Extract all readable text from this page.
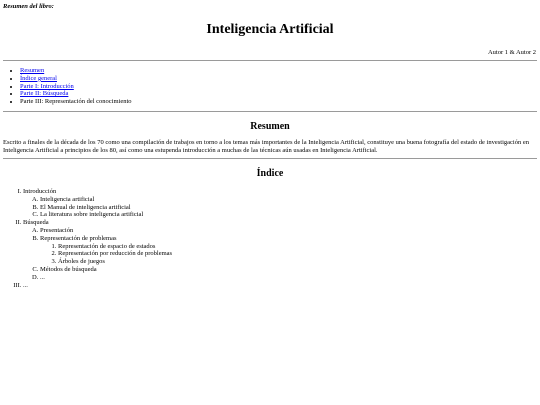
Resumen del libro:

Inteligencia Artificial
Autor 1 & Autor 2
• Resumen
• Índice general
• Parte I: Introducción
• Parte II: Búsqueda
• Parte III: Representación del conocimiento
Resumen

Escrito a finales de la década de los 70 como una compilación de trabajos en torno a los temas más importantes de la Inteligencia Artificial, constituye una buena fotografía del estado de investigación en Inteligencia Artificial a principios de los 80, así como una estupenda introducción a muchas de las técnicas aún usadas en Inteligencia Artificial.

Índice
I. Introducción
A. Inteligencia artificial
B. El Manual de inteligencia artificial
C. La literatura sobre inteligencia artificial
II. Búsqueda
A. Presentación
B. Representación de problemas
1. Representación de espacio de estados
2. Representación por reducción de problemas
3. Árboles de juegos
C. Métodos de búsqueda
D. ...
III. ...
